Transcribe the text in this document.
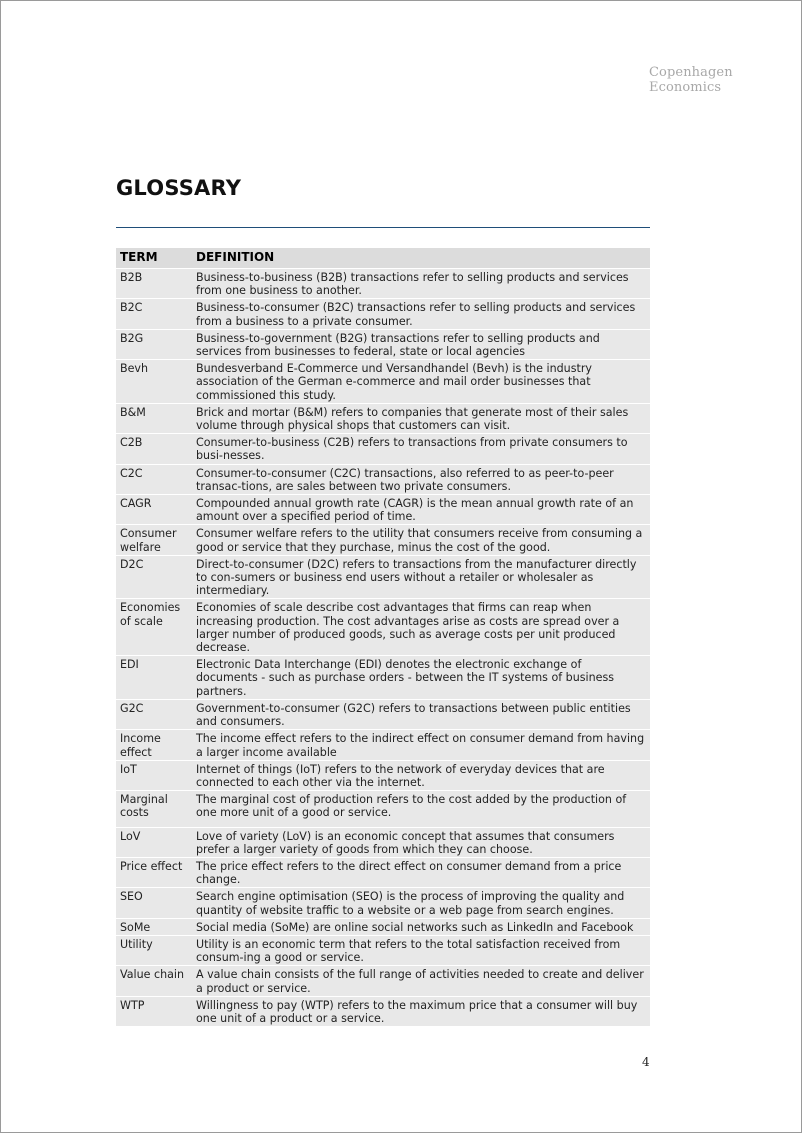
Copenhagen
Economics
GLOSSARY
TERM	DEFINITION
B2B	Business-to-business (B2B) transactions refer to selling products and services from one business to another.
B2C	Business-to-consumer (B2C) transactions refer to selling products and services from a business to a private consumer.
B2G	Business-to-government (B2G) transactions refer to selling products and services from businesses to federal, state or local agencies
Bevh	Bundesverband E-Commerce und Versandhandel (Bevh) is the industry association of the German e-commerce and mail order businesses that commissioned this study.
B&M	Brick and mortar (B&M) refers to companies that generate most of their sales volume through physical shops that customers can visit.
C2B	Consumer-to-business (C2B) refers to transactions from private consumers to busi-nesses.
C2C	Consumer-to-consumer (C2C) transactions, also referred to as peer-to-peer transac-tions, are sales between two private consumers.
CAGR	Compounded annual growth rate (CAGR) is the mean annual growth rate of an amount over a specified period of time.
Consumer welfare	Consumer welfare refers to the utility that consumers receive from consuming a good or service that they purchase, minus the cost of the good.
D2C	Direct-to-consumer (D2C) refers to transactions from the manufacturer directly to con-sumers or business end users without a retailer or wholesaler as intermediary.
Economies of scale	Economies of scale describe cost advantages that firms can reap when increasing production. The cost advantages arise as costs are spread over a larger number of produced goods, such as average costs per unit produced decrease.
EDI	Electronic Data Interchange (EDI) denotes the electronic exchange of documents - such as purchase orders - between the IT systems of business partners.
G2C	Government-to-consumer (G2C) refers to transactions between public entities and consumers.
Income effect	The income effect refers to the indirect effect on consumer demand from having a larger income available
IoT	Internet of things (IoT) refers to the network of everyday devices that are connected to each other via the internet.
Marginal costs	The marginal cost of production refers to the cost added by the production of one more unit of a good or service.
LoV	Love of variety (LoV) is an economic concept that assumes that consumers prefer a larger variety of goods from which they can choose.
Price effect	The price effect refers to the direct effect on consumer demand from a price change.
SEO	Search engine optimisation (SEO) is the process of improving the quality and quantity of website traffic to a website or a web page from search engines.
SoMe	Social media (SoMe) are online social networks such as LinkedIn and Facebook
Utility	Utility is an economic term that refers to the total satisfaction received from consum-ing a good or service.
Value chain	A value chain consists of the full range of activities needed to create and deliver a product or service.
WTP	Willingness to pay (WTP) refers to the maximum price that a consumer will buy one unit of a product or a service.
4
